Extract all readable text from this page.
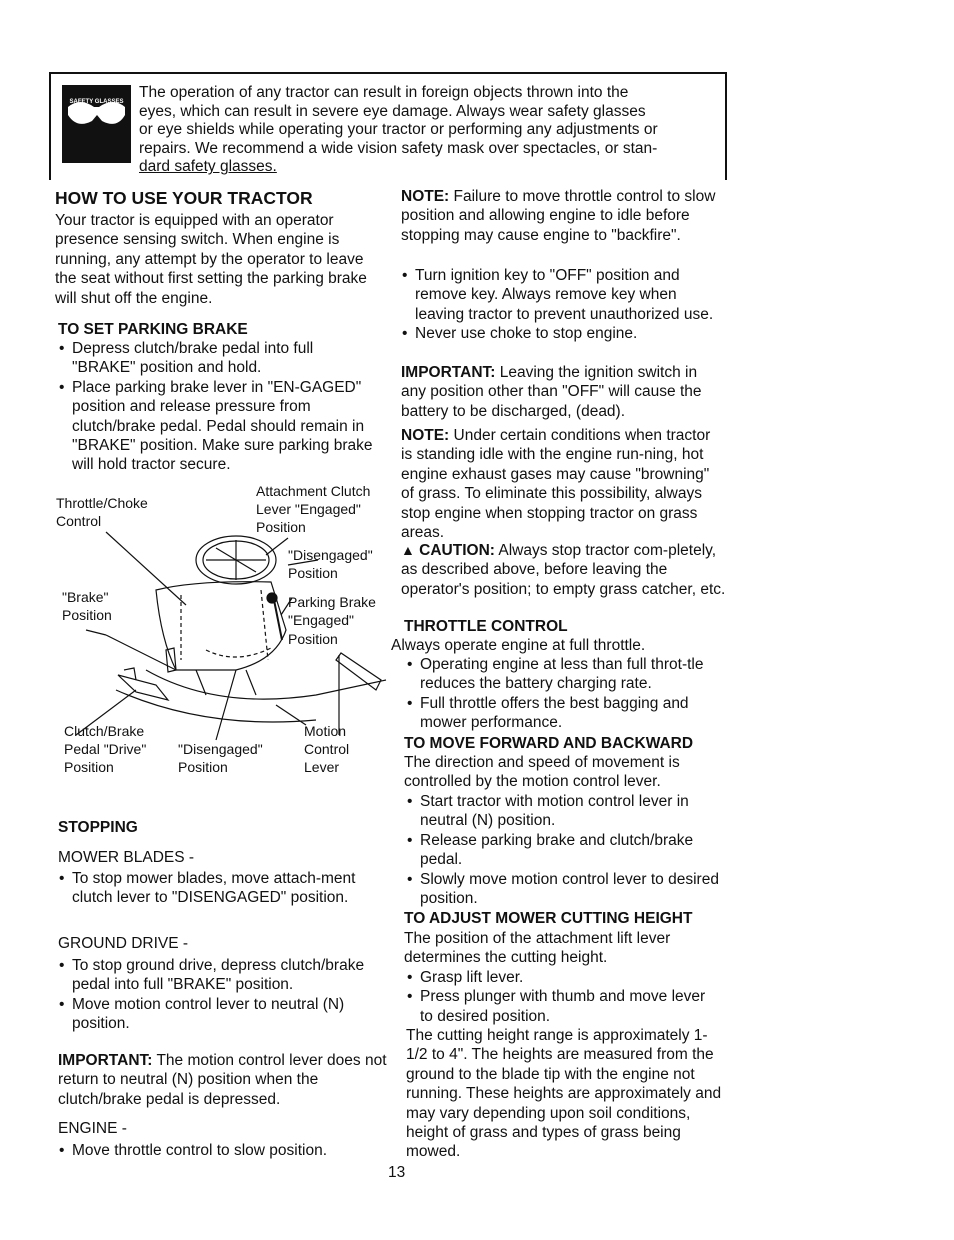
SAFETY GLASSES
The operation of any tractor can result in foreign objects thrown into the
eyes, which can result in severe eye damage. Always wear safety glasses
or eye shields while operating your tractor or performing any adjustments or
repairs. We recommend a wide vision safety mask over spectacles, or stan-
dard safety glasses.
HOW TO USE YOUR TRACTOR

Your tractor is equipped with an operator presence sensing switch. When engine is running, any attempt by the operator to leave the seat without first setting the parking brake will shut off the engine.

TO SET PARKING BRAKE
• Depress clutch/brake pedal into full "BRAKE" position and hold.
• Place parking brake lever in "EN-GAGED" position and release pressure from clutch/brake pedal. Pedal should remain in "BRAKE" position. Make sure parking brake will hold tractor secure.
Attachment Clutch
Lever "Engaged"
Position
Throttle/Choke
Control
"Disengaged"
Position
"Brake"
Position
Parking Brake
"Engaged"
Position
Clutch/Brake
Pedal "Drive"
Position
"Disengaged"
Position
Motion
Control
Lever
STOPPING
MOWER BLADES -
• To stop mower blades, move attach-ment clutch lever to "DISENGAGED" position.
GROUND DRIVE -
• To stop ground drive, depress clutch/brake pedal into full "BRAKE" position.
• Move motion control lever to neutral (N) position.

IMPORTANT: The motion control lever does not return to neutral (N) position when the clutch/brake pedal is depressed.

ENGINE -
• Move throttle control to slow position.

NOTE: Failure to move throttle control to slow position and allowing engine to idle before stopping may cause engine to "backfire".

• Turn ignition key to "OFF" position and remove key. Always remove key when leaving tractor to prevent unauthorized use.
• Never use choke to stop engine.

IMPORTANT: Leaving the ignition switch in any position other than "OFF" will cause the battery to be discharged, (dead).

NOTE: Under certain conditions when tractor is standing idle with the engine run-ning, hot engine exhaust gases may cause "browning" of grass. To eliminate this possibility, always stop engine when stopping tractor on grass areas.

▲ CAUTION: Always stop tractor com-pletely, as described above, before leaving the operator's position; to empty grass catcher, etc.

THROTTLE CONTROL
Always operate engine at full throttle.
• Operating engine at less than full throt-tle reduces the battery charging rate.
• Full throttle offers the best bagging and mower performance.
TO MOVE FORWARD AND BACKWARD

The direction and speed of movement is controlled by the motion control lever.

• Start tractor with motion control lever in neutral (N) position.
• Release parking brake and clutch/brake pedal.
• Slowly move motion control lever to desired position.
TO ADJUST MOWER CUTTING HEIGHT

The position of the attachment lift lever determines the cutting height.

• Grasp lift lever.
• Press plunger with thumb and move lever to desired position.

The cutting height range is approximately 1-1/2 to 4". The heights are measured from the ground to the blade tip with the engine not running. These heights are approximately and may vary depending upon soil conditions, height of grass and types of grass being mowed.

13
